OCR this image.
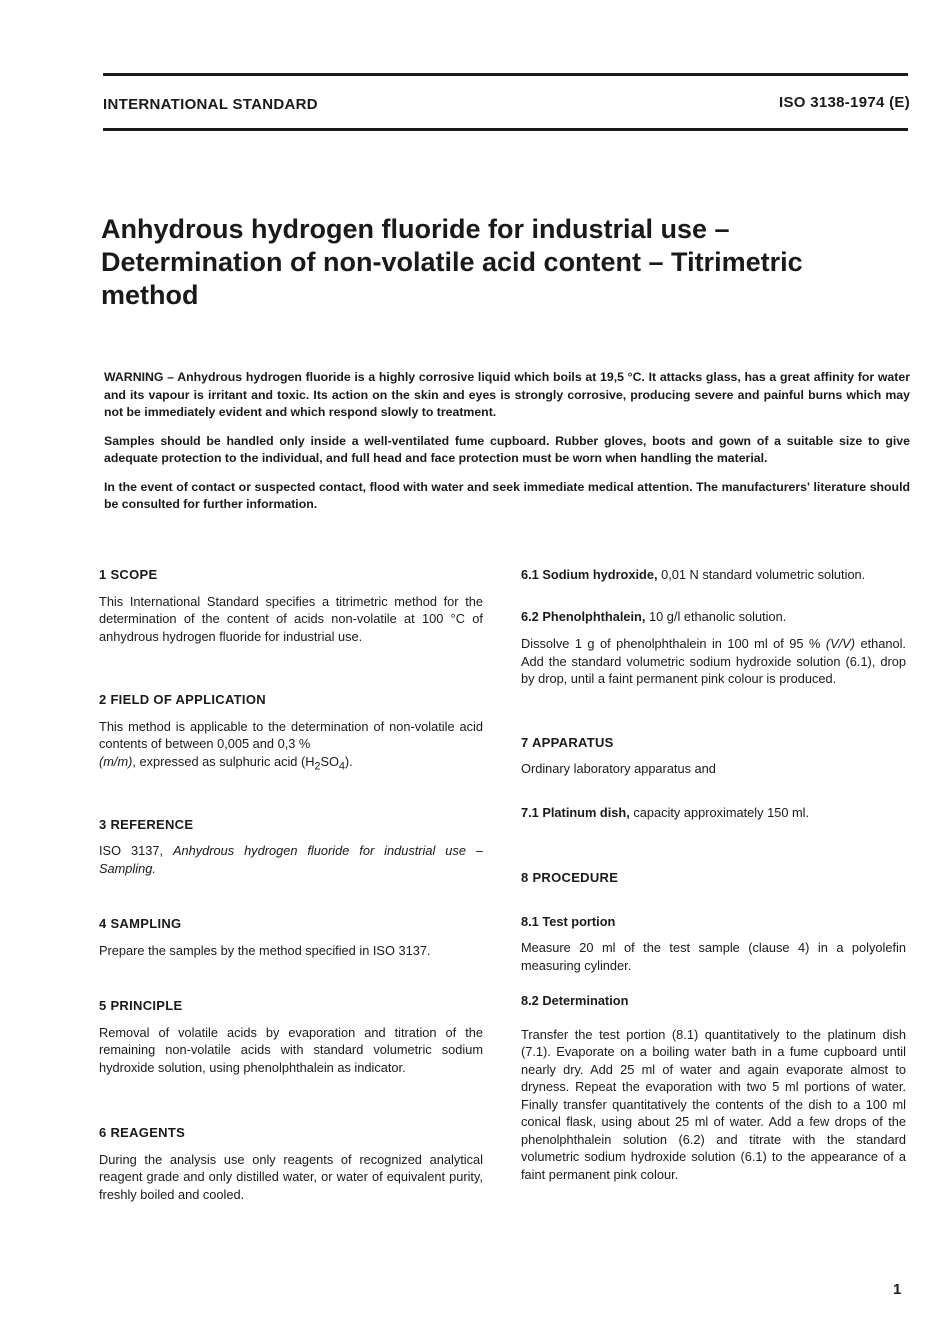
INTERNATIONAL STANDARD	ISO 3138-1974 (E)
Anhydrous hydrogen fluoride for industrial use –
Determination of non-volatile acid content – Titrimetric
method

WARNING – Anhydrous hydrogen fluoride is a highly corrosive liquid which boils at 19,5 °C. It attacks glass, has a great affinity for water and its vapour is irritant and toxic. Its action on the skin and eyes is strongly corrosive, producing severe and painful burns which may not be immediately evident and which respond slowly to treatment.

Samples should be handled only inside a well-ventilated fume cupboard. Rubber gloves, boots and gown of a suitable size to give adequate protection to the individual, and full head and face protection must be worn when handling the material.

In the event of contact or suspected contact, flood with water and seek immediate medical attention. The manufacturers' literature should be consulted for further information.

1 SCOPE

This International Standard specifies a titrimetric method for the determination of the content of acids non-volatile at 100 °C of anhydrous hydrogen fluoride for industrial use.

2 FIELD OF APPLICATION

This method is applicable to the determination of non-volatile acid contents of between 0,005 and 0,3 %
(m/m), expressed as sulphuric acid $(H_2SO_4)$.

3 REFERENCE

ISO 3137, Anhydrous hydrogen fluoride for industrial use – Sampling.

4 SAMPLING

Prepare the samples by the method specified in ISO 3137.

5 PRINCIPLE

Removal of volatile acids by evaporation and titration of the remaining non-volatile acids with standard volumetric sodium hydroxide solution, using phenolphthalein as indicator.

6 REAGENTS

During the analysis use only reagents of recognized analytical reagent grade and only distilled water, or water of equivalent purity, freshly boiled and cooled.

6.1 Sodium hydroxide, 0,01 N standard volumetric solution.

6.2 Phenolphthalein, 10 g/l ethanolic solution.

Dissolve 1 g of phenolphthalein in 100 ml of 95 % (V/V) ethanol. Add the standard volumetric sodium hydroxide solution (6.1), drop by drop, until a faint permanent pink colour is produced.

7 APPARATUS

Ordinary laboratory apparatus and

7.1 Platinum dish, capacity approximately 150 ml.

8 PROCEDURE
8.1 Test portion

Measure 20 ml of the test sample (clause 4) in a polyolefin measuring cylinder.

8.2 Determination

Transfer the test portion (8.1) quantitatively to the platinum dish (7.1). Evaporate on a boiling water bath in a fume cupboard until nearly dry. Add 25 ml of water and again evaporate almost to dryness. Repeat the evaporation with two 5 ml portions of water. Finally transfer quantitatively the contents of the dish to a 100 ml conical flask, using about 25 ml of water. Add a few drops of the phenolphthalein solution (6.2) and titrate with the standard volumetric sodium hydroxide solution (6.1) to the appearance of a faint permanent pink colour.

1
